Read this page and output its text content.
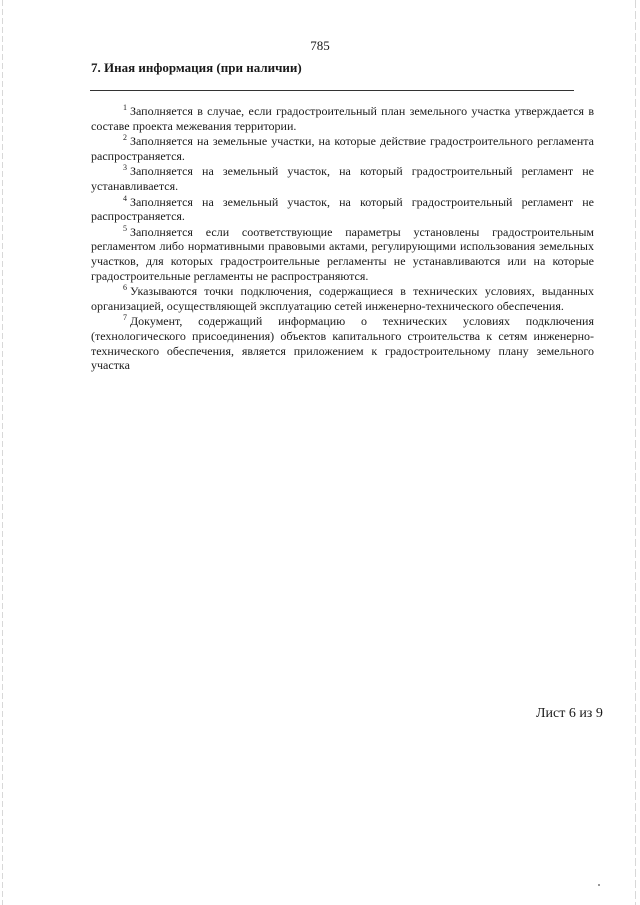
785
7. Иная информация (при наличии)

$^1$ Заполняется в случае, если градостроительный план земельного участка утверждается в составе проекта межевания территории.

$^2$ Заполняется на земельные участки, на которые действие градостроительного регламента распространяется.

$^3$ Заполняется на земельный участок, на который градостроительный регламент не устанавливается.

$^4$ Заполняется на земельный участок, на который градостроительный регламент не распространяется.

$^5$ Заполняется если соответствующие параметры установлены градостроительным регламентом либо нормативными правовыми актами, регулирующими использования земельных участков, для которых градостроительные регламенты не устанавливаются или на которые градостроительные регламенты не распространяются.

$^6$ Указываются точки подключения, содержащиеся в технических условиях, выданных организацией, осуществляющей эксплуатацию сетей инженерно-технического обеспечения.

$^7$ Документ, содержащий информацию о технических условиях подключения (технологического присоединения) объектов капитального строительства к сетям инженерно-технического обеспечения, является приложением к градостроительному плану земельного участка

Лист 6 из 9
